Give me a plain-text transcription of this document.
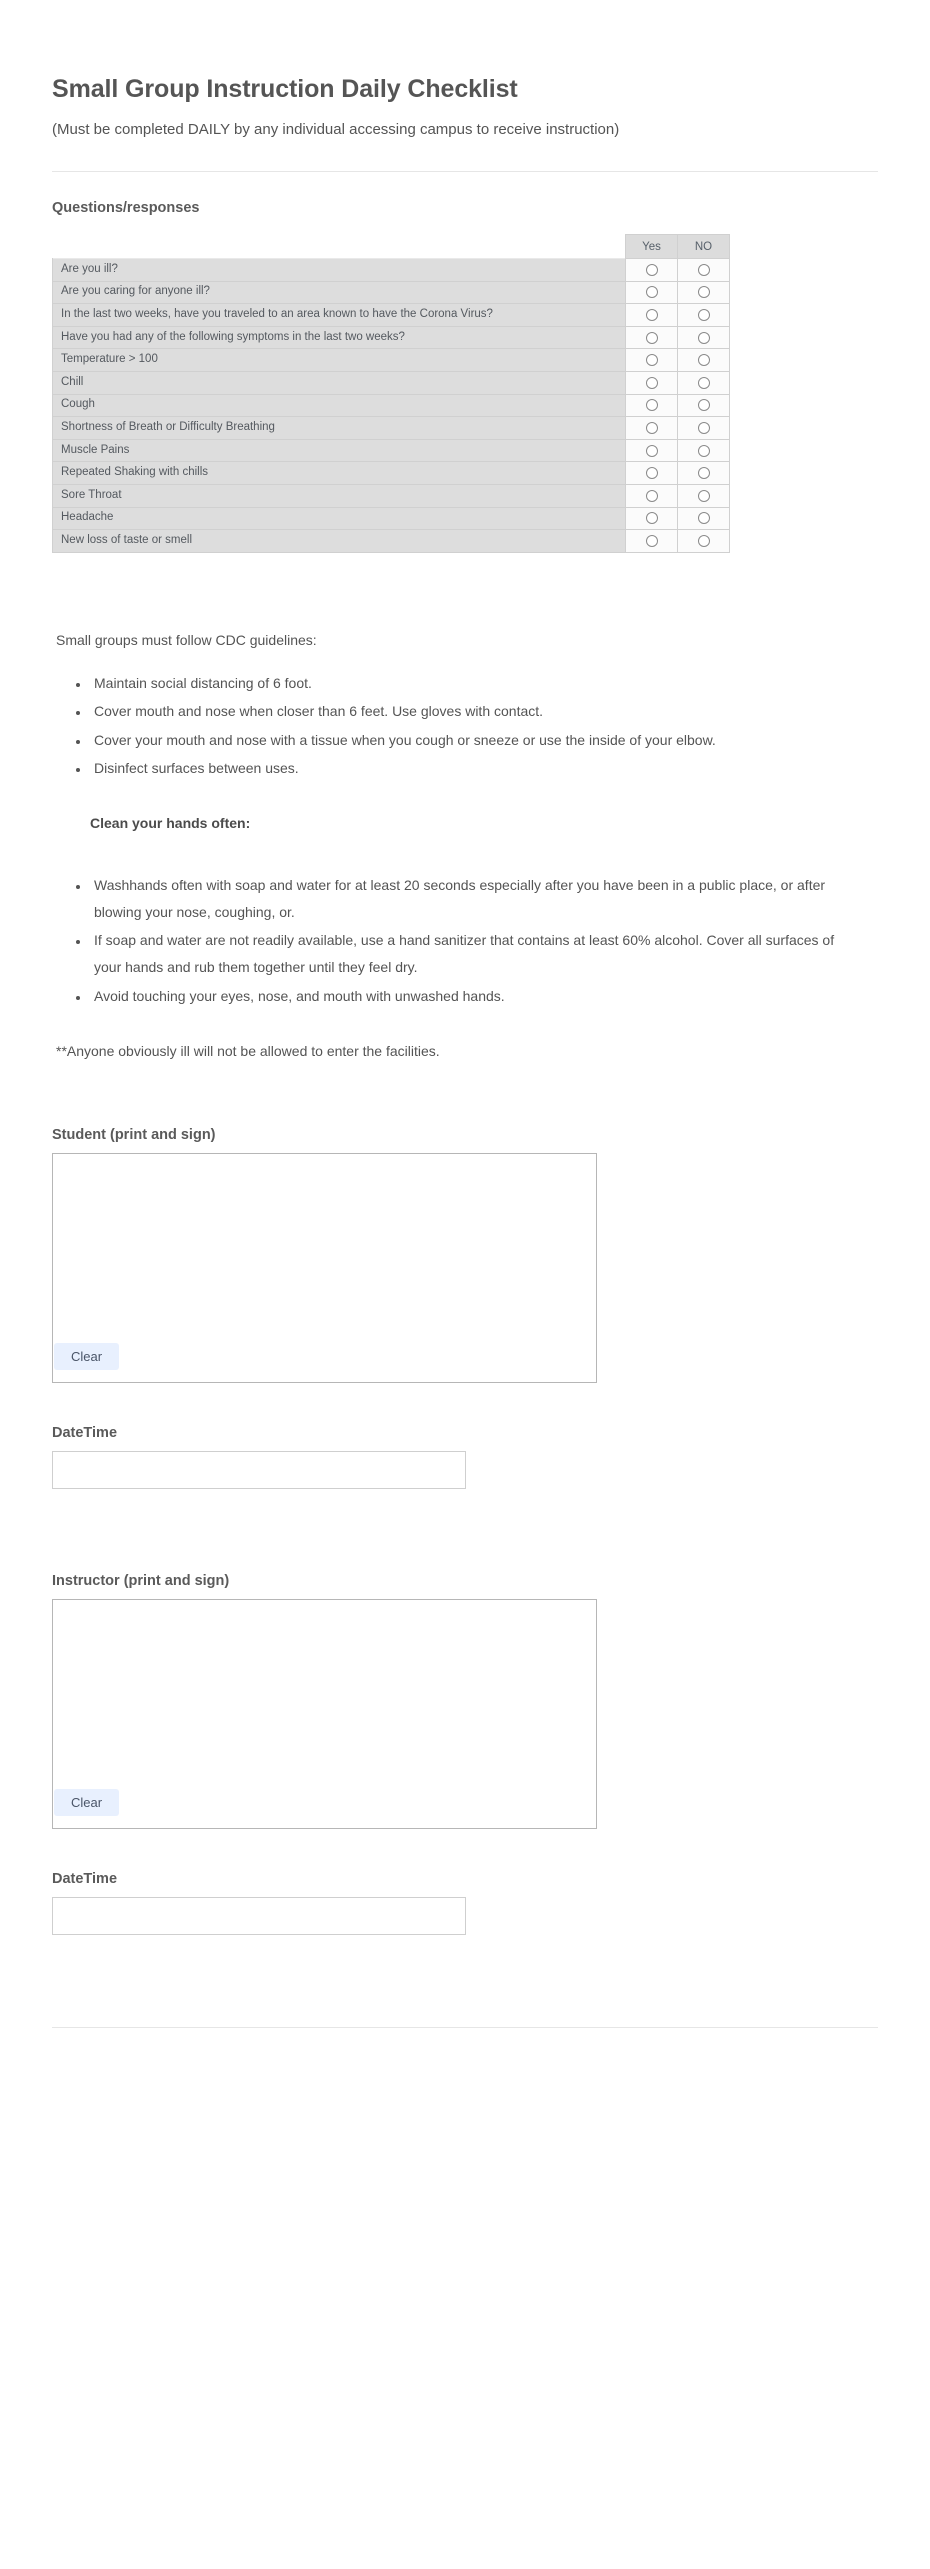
Small Group Instruction Daily Checklist

(Must be completed DAILY by any individual accessing campus to receive instruction)

Questions/responses
	Yes	NO
Are you ill?		
Are you caring for anyone ill?		
In the last two weeks, have you traveled to an area known to have the Corona Virus?		
Have you had any of the following symptoms in the last two weeks?		
Temperature > 100		
Chill		
Cough		
Shortness of Breath or Difficulty Breathing		
Muscle Pains		
Repeated Shaking with chills		
Sore Throat		
Headache		
New loss of taste or smell		
Small groups must follow CDC guidelines:
• Maintain social distancing of 6 foot.
• Cover mouth and nose when closer than 6 feet. Use gloves with contact.
• Cover your mouth and nose with a tissue when you cough or sneeze or use the inside of your elbow.
• Disinfect surfaces between uses.
Clean your hands often:
• Washhands often with soap and water for at least 20 seconds especially after you have been in a public place, or after blowing your nose, coughing, or.
• If soap and water are not readily available, use a hand sanitizer that contains at least 60% alcohol. Cover all surfaces of your hands and rub them together until they feel dry.
• Avoid touching your eyes, nose, and mouth with unwashed hands.
**Anyone obviously ill will not be allowed to enter the facilities.
Student (print and sign)
Clear
DateTime
Instructor (print and sign)
Clear
DateTime
